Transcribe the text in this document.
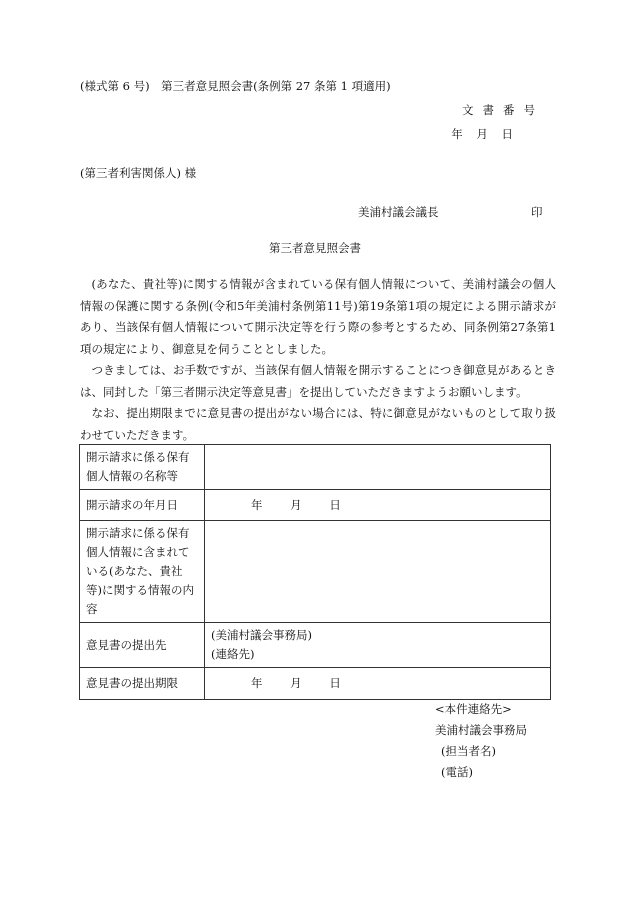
(様式第 6 号)　第三者意見照会書(条例第 27 条第 1 項適用)
文書番号
年 月 日
(第三者利害関係人) 様
美浦村議会議長	印
第三者意見照会書

(あなた、貴社等)に関する情報が含まれている保有個人情報について、美浦村議会の個人情報の保護に関する条例(令和5年美浦村条例第11号)第19条第1項の規定による開示請求があり、当該保有個人情報について開示決定等を行う際の参考とするため、同条例第27条第1項の規定により、御意見を伺うこととしました。

つきましては、お手数ですが、当該保有個人情報を開示することにつき御意見があるときは、同封した「第三者開示決定等意見書」を提出していただきますようお願いします。

なお、提出期限までに意見書の提出がない場合には、特に御意見がないものとして取り扱わせていただきます。

開示請求に係る保有個人情報の名称等	
開示請求の年月日	年 月 日
開示請求に係る保有個人情報に含まれている(あなた、貴社等)に関する情報の内容	
意見書の提出先	(美浦村議会事務局)
(連絡先)

意見書の提出期限	年 月 日
<本件連絡先>
美浦村議会事務局
(担当者名)
(電話)
